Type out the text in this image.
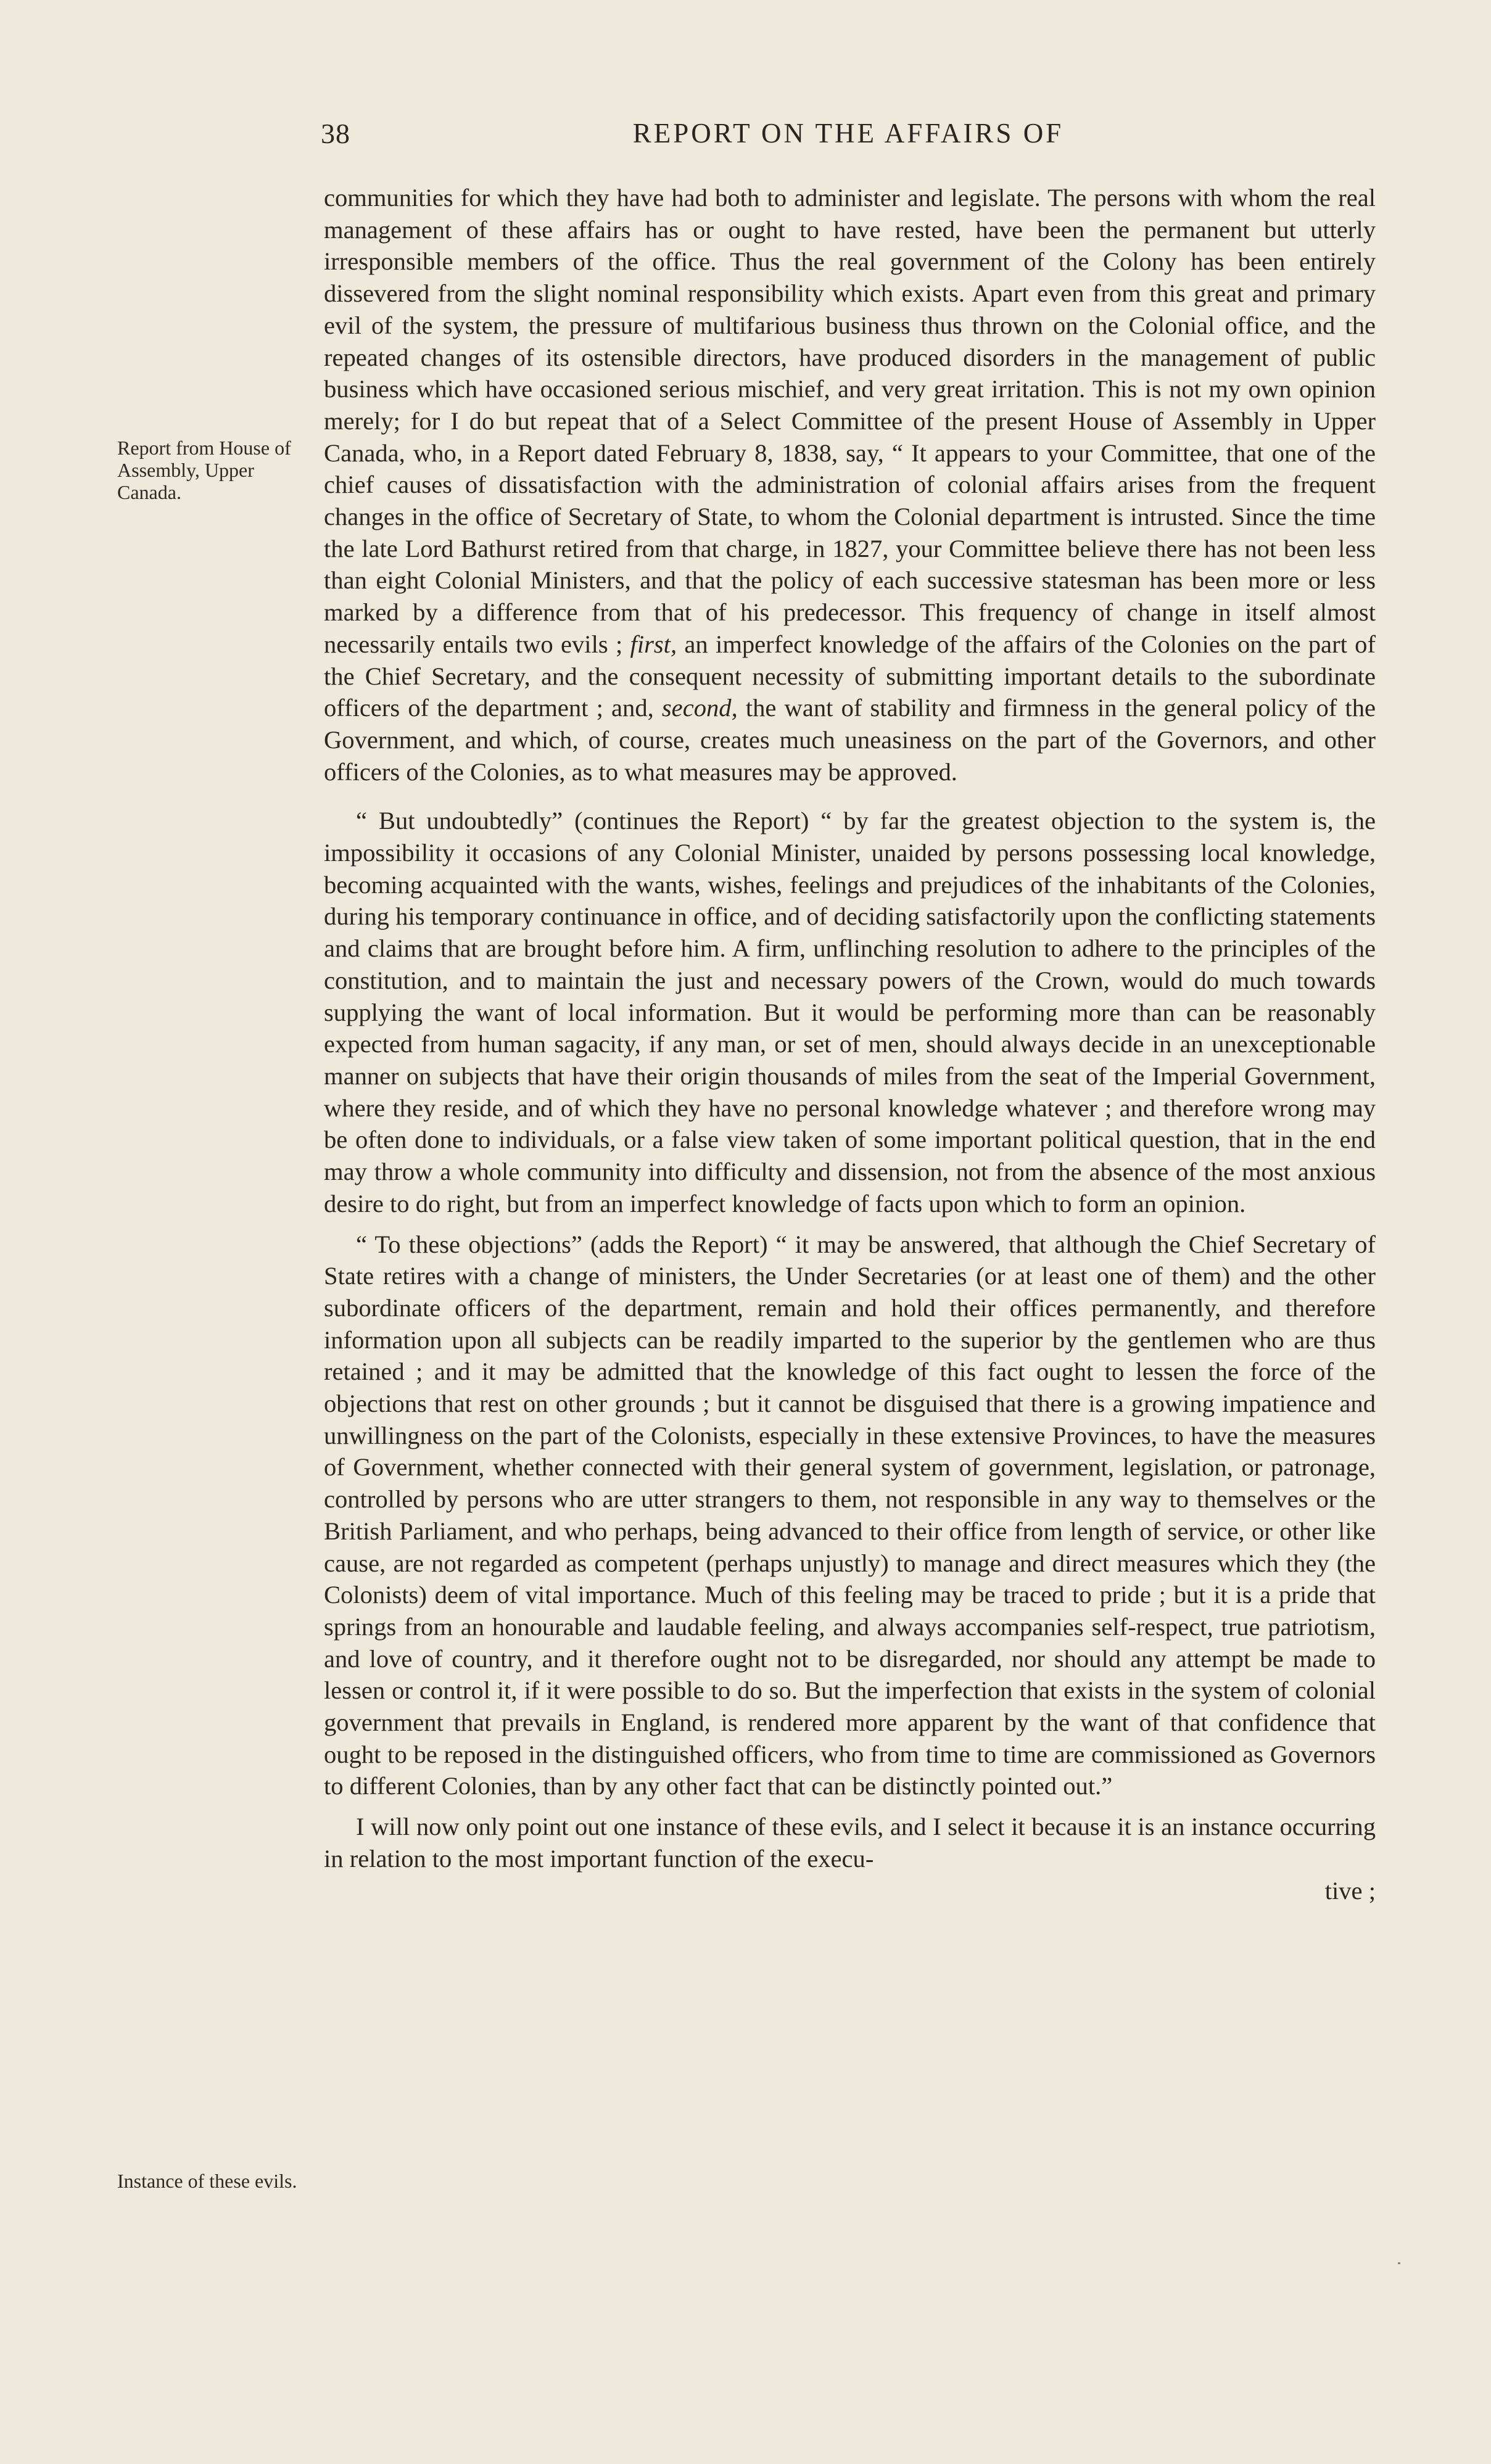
38	REPORT ON THE AFFAIRS OF
Report from House of Assembly, Upper Canada.
Instance of these evils.

communities for which they have had both to administer and legislate. The persons with whom the real management of these affairs has or ought to have rested, have been the permanent but utterly irresponsible members of the office. Thus the real government of the Colony has been entirely dissevered from the slight nominal responsibility which exists. Apart even from this great and primary evil of the system, the pressure of multifarious business thus thrown on the Colonial office, and the repeated changes of its ostensible directors, have produced disorders in the management of public business which have occasioned serious mischief, and very great irritation. This is not my own opinion merely; for I do but repeat that of a Select Committee of the present House of Assembly in Upper Canada, who, in a Report dated February 8, 1838, say, “ It appears to your Committee, that one of the chief causes of dissatisfaction with the administration of colonial affairs arises from the frequent changes in the office of Secretary of State, to whom the Colonial department is intrusted. Since the time the late Lord Bathurst retired from that charge, in 1827, your Committee believe there has not been less than eight Colonial Ministers, and that the policy of each successive statesman has been more or less marked by a difference from that of his predecessor. This frequency of change in itself almost necessarily entails two evils ; first, an imperfect knowledge of the affairs of the Colonies on the part of the Chief Secretary, and the consequent necessity of submitting important details to the subordinate officers of the department ; and, second, the want of stability and firmness in the general policy of the Government, and which, of course, creates much uneasiness on the part of the Governors, and other officers of the Colonies, as to what measures may be approved.

“ But undoubtedly” (continues the Report) “ by far the greatest objection to the system is, the impossibility it occasions of any Colonial Minister, unaided by persons possessing local knowledge, becoming acquainted with the wants, wishes, feelings and prejudices of the inhabitants of the Colonies, during his temporary continuance in office, and of deciding satisfactorily upon the conflicting statements and claims that are brought before him. A firm, unflinching resolution to adhere to the principles of the constitution, and to maintain the just and necessary powers of the Crown, would do much towards supplying the want of local information. But it would be performing more than can be reasonably expected from human sagacity, if any man, or set of men, should always decide in an unexceptionable manner on subjects that have their origin thousands of miles from the seat of the Imperial Government, where they reside, and of which they have no personal knowledge whatever ; and therefore wrong may be often done to individuals, or a false view taken of some important political question, that in the end may throw a whole community into difficulty and dissension, not from the absence of the most anxious desire to do right, but from an imperfect knowledge of facts upon which to form an opinion.

“ To these objections” (adds the Report) “ it may be answered, that although the Chief Secretary of State retires with a change of ministers, the Under Secretaries (or at least one of them) and the other subordinate officers of the department, remain and hold their offices permanently, and therefore information upon all subjects can be readily imparted to the superior by the gentlemen who are thus retained ; and it may be admitted that the knowledge of this fact ought to lessen the force of the objections that rest on other grounds ; but it cannot be disguised that there is a growing impatience and unwillingness on the part of the Colonists, especially in these extensive Provinces, to have the measures of Government, whether connected with their general system of government, legislation, or patronage, controlled by persons who are utter strangers to them, not responsible in any way to themselves or the British Parliament, and who perhaps, being advanced to their office from length of service, or other like cause, are not regarded as competent (perhaps unjustly) to manage and direct measures which they (the Colonists) deem of vital importance. Much of this feeling may be traced to pride ; but it is a pride that springs from an honourable and laudable feeling, and always accompanies self-respect, true patriotism, and love of country, and it therefore ought not to be disregarded, nor should any attempt be made to lessen or control it, if it were possible to do so. But the imperfection that exists in the system of colonial government that prevails in England, is rendered more apparent by the want of that confidence that ought to be reposed in the distinguished officers, who from time to time are commissioned as Governors to different Colonies, than by any other fact that can be distinctly pointed out.”

I will now only point out one instance of these evils, and I select it because it is an instance occurring in relation to the most important function of the execu-

tive ;
